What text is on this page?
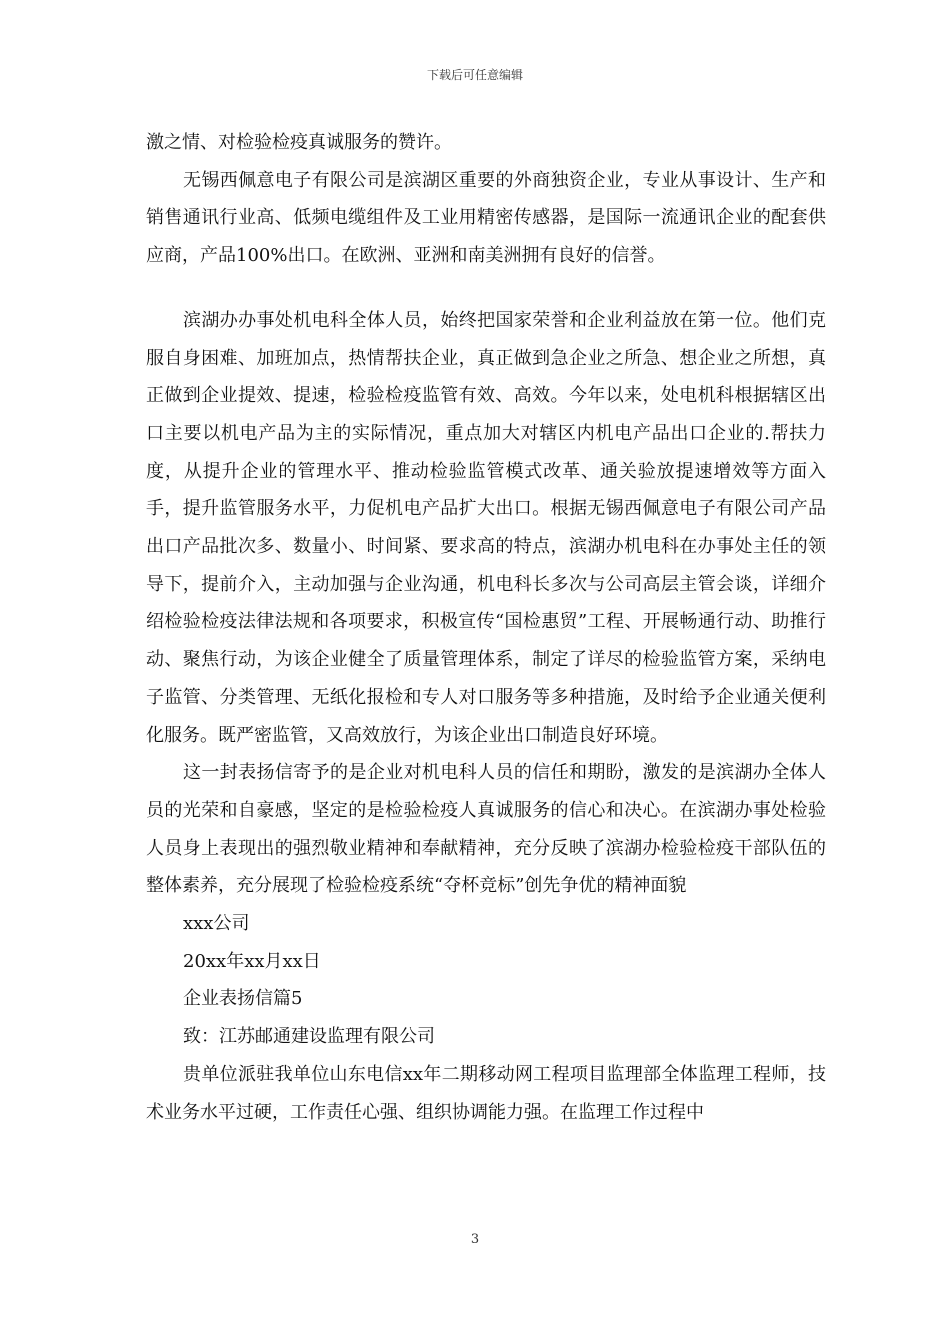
下载后可任意编辑

激之情、对检验检疫真诚服务的赞许。

无锡西佩意电子有限公司是滨湖区重要的外商独资企业，专业从事设计、生产和销售通讯行业高、低频电缆组件及工业用精密传感器，是国际一流通讯企业的配套供应商，产品100%出口。在欧洲、亚洲和南美洲拥有良好的信誉。

滨湖办办事处机电科全体人员，始终把国家荣誉和企业利益放在第一位。他们克服自身困难、加班加点，热情帮扶企业，真正做到急企业之所急、想企业之所想，真正做到企业提效、提速，检验检疫监管有效、高效。今年以来，处电机科根据辖区出口主要以机电产品为主的实际情况，重点加大对辖区内机电产品出口企业的.帮扶力度，从提升企业的管理水平、推动检验监管模式改革、通关验放提速增效等方面入手，提升监管服务水平，力促机电产品扩大出口。根据无锡西佩意电子有限公司产品出口产品批次多、数量小、时间紧、要求高的特点，滨湖办机电科在办事处主任的领导下，提前介入，主动加强与企业沟通，机电科长多次与公司高层主管会谈，详细介绍检验检疫法律法规和各项要求，积极宣传“国检惠贸”工程、开展畅通行动、助推行动、聚焦行动，为该企业健全了质量管理体系，制定了详尽的检验监管方案，采纳电子监管、分类管理、无纸化报检和专人对口服务等多种措施，及时给予企业通关便利化服务。既严密监管，又高效放行，为该企业出口制造良好环境。

这一封表扬信寄予的是企业对机电科人员的信任和期盼，激发的是滨湖办全体人员的光荣和自豪感，坚定的是检验检疫人真诚服务的信心和决心。在滨湖办事处检验人员身上表现出的强烈敬业精神和奉献精神，充分反映了滨湖办检验检疫干部队伍的整体素养，充分展现了检验检疫系统“夺杯竞标”创先争优的精神面貌

xxx公司

20xx年xx月xx日

企业表扬信篇5

致：江苏邮通建设监理有限公司

贵单位派驻我单位山东电信xx年二期移动网工程项目监理部全体监理工程师，技术业务水平过硬，工作责任心强、组织协调能力强。在监理工作过程中

3
